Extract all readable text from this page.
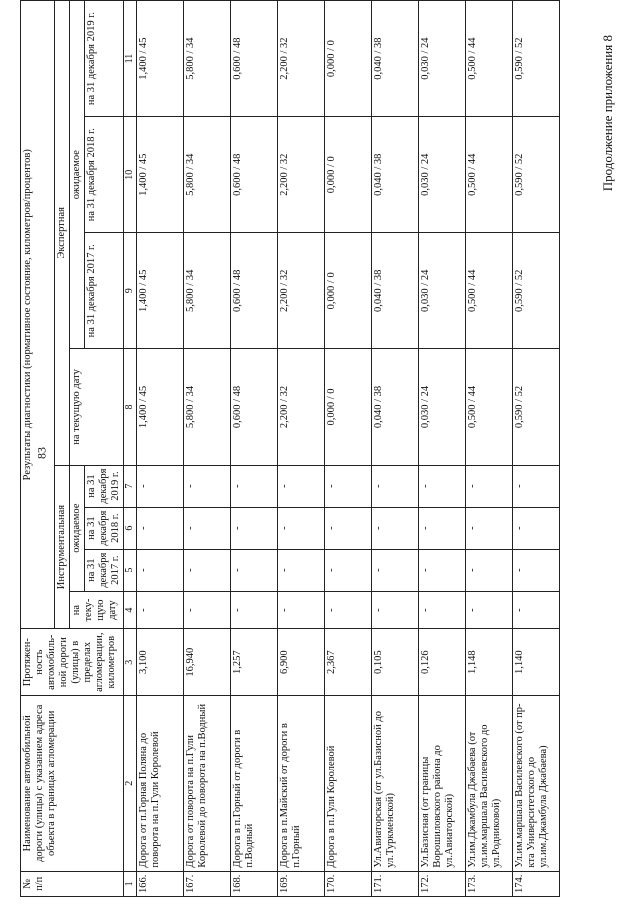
83
Продолжение приложения 8
№ п/п	Наименование автомобильной дороги (улицы) с указанием адреса объекта в границах агломерации	Протяжен-ность автомобиль-ной дороги (улицы) в пределах агломерации, километров	Результаты диагностики (нормативное состояние, километров/процентов)							
			Инструментальная				Экспертная			
			на теку-щую дату	ожидаемое			на текущую дату	ожидаемое		
				на 31 декабря 2017 г.	на 31 декабря 2018 г.	на 31 декабря 2019 г.		на 31 декабря 2017 г.	на 31 декабря 2018 г.	на 31 декабря 2019 г.
1	2	3	4	5	6	7	8	9	10	11
166.	Дорога от п.Горная Поляна до поворота на п.Гули Королевой	3,100	-	-	-	-	1,400 / 45	1,400 / 45	1,400 / 45	1,400 / 45
167.	Дорога от поворота на п.Гули Королевой до поворота на п.Водный	16,940	-	-	-	-	5,800 / 34	5,800 / 34	5,800 / 34	5,800 / 34
168.	Дорога в п.Горный от дороги в п.Водный	1,257	-	-	-	-	0,600 / 48	0,600 / 48	0,600 / 48	0,600 / 48
169.	Дорога в п.Майский от дороги в п.Горный	6,900	-	-	-	-	2,200 / 32	2,200 / 32	2,200 / 32	2,200 / 32
170.	Дорога в п.Гули Королевой	2,367	-	-	-	-	0,000 / 0	0,000 / 0	0,000 / 0	0,000 / 0
171.	Ул.Авиаторская (от ул.Базисной до ул.Туркменской)	0,105	-	-	-	-	0,040 / 38	0,040 / 38	0,040 / 38	0,040 / 38
172.	Ул.Базисная (от границы Ворошиловского района до ул.Авиаторской)	0,126	-	-	-	-	0,030 / 24	0,030 / 24	0,030 / 24	0,030 / 24
173.	Ул.им.Джамбула Джабаева (от ул.им.маршала Василевского до ул.Родниковой)	1,148	-	-	-	-	0,500 / 44	0,500 / 44	0,500 / 44	0,500 / 44
174.	Ул.им.маршала Василевского (от пр-кта Университетского до ул.им.Джамбула Джабаева)	1,140	-	-	-	-	0,590 / 52	0,590 / 52	0,590 / 52	0,590 / 52
